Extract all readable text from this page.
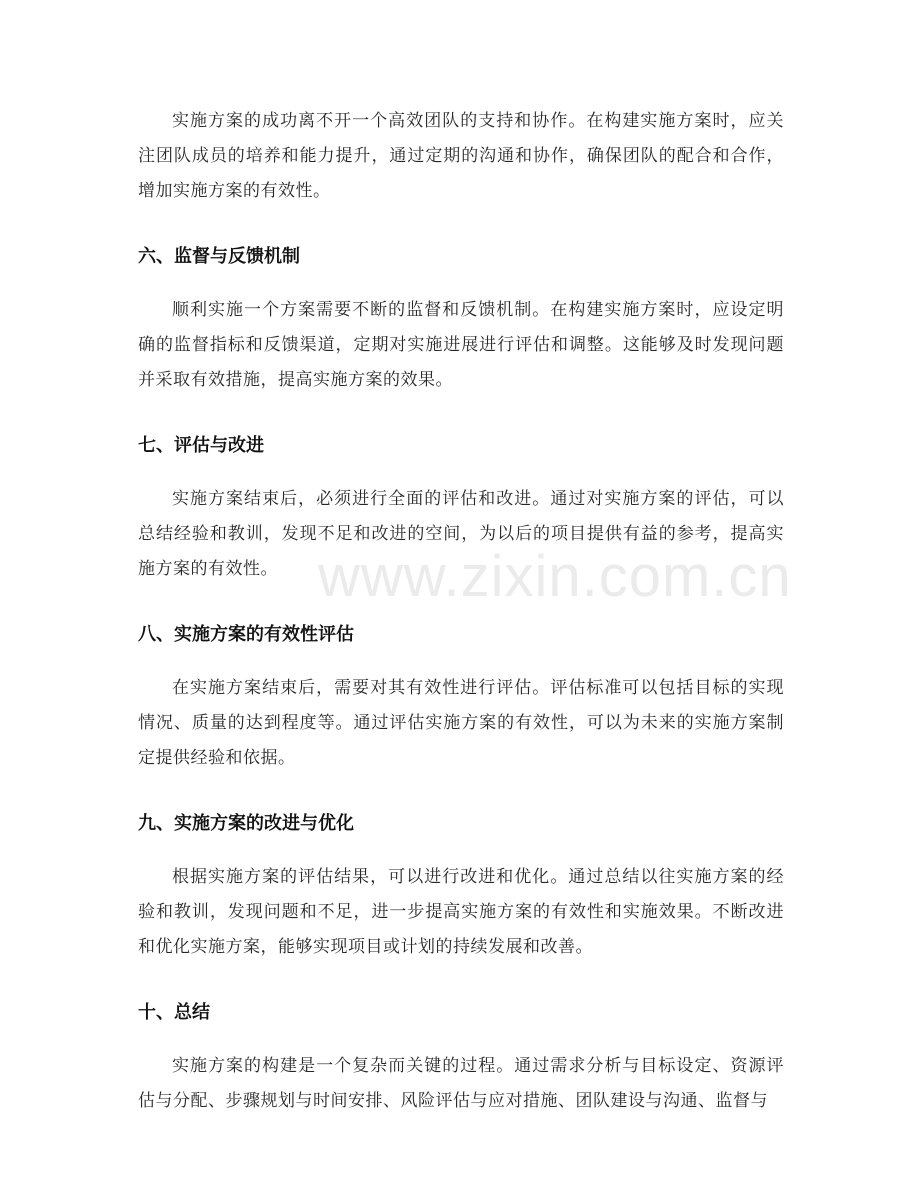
实施方案的成功离不开一个高效团队的支持和协作。在构建实施方案时，应关注团队成员的培养和能力提升，通过定期的沟通和协作，确保团队的配合和合作，增加实施方案的有效性。

六、监督与反馈机制

顺利实施一个方案需要不断的监督和反馈机制。在构建实施方案时，应设定明确的监督指标和反馈渠道，定期对实施进展进行评估和调整。这能够及时发现问题并采取有效措施，提高实施方案的效果。

七、评估与改进

实施方案结束后，必须进行全面的评估和改进。通过对实施方案的评估，可以总结经验和教训，发现不足和改进的空间，为以后的项目提供有益的参考，提高实施方案的有效性。

八、实施方案的有效性评估

在实施方案结束后，需要对其有效性进行评估。评估标准可以包括目标的实现情况、质量的达到程度等。通过评估实施方案的有效性，可以为未来的实施方案制定提供经验和依据。

九、实施方案的改进与优化

根据实施方案的评估结果，可以进行改进和优化。通过总结以往实施方案的经验和教训，发现问题和不足，进一步提高实施方案的有效性和实施效果。不断改进和优化实施方案，能够实现项目或计划的持续发展和改善。

十、总结

实施方案的构建是一个复杂而关键的过程。通过需求分析与目标设定、资源评估与分配、步骤规划与时间安排、风险评估与应对措施、团队建设与沟通、监督与

www.zixin.com.cn
